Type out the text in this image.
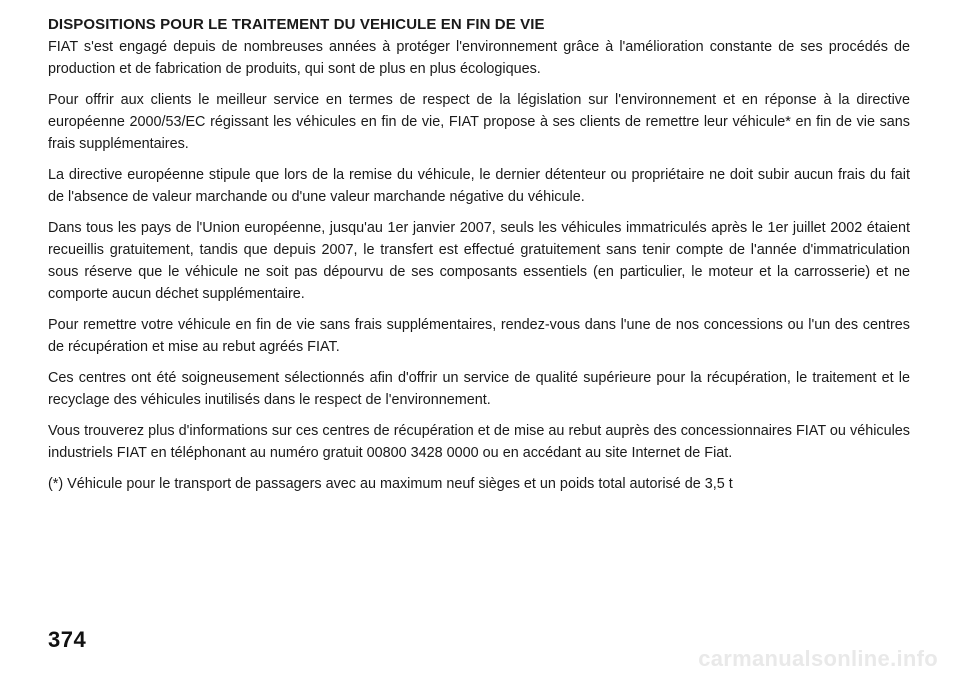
DISPOSITIONS POUR LE TRAITEMENT DU VEHICULE EN FIN DE VIE

FIAT s'est engagé depuis de nombreuses années à protéger l'environnement grâce à l'amélioration constante de ses procédés de production et de fabrication de produits, qui sont de plus en plus écologiques.

Pour offrir aux clients le meilleur service en termes de respect de la législation sur l'environnement et en réponse à la directive européenne 2000/53/EC régissant les véhicules en fin de vie, FIAT propose à ses clients de remettre leur véhicule* en fin de vie sans frais supplémentaires.

La directive européenne stipule que lors de la remise du véhicule, le dernier détenteur ou propriétaire ne doit subir aucun frais du fait de l'absence de valeur marchande ou d'une valeur marchande négative du véhicule.

Dans tous les pays de l'Union européenne, jusqu'au 1er janvier 2007, seuls les véhicules immatriculés après le 1er juillet 2002 étaient recueillis gratuitement, tandis que depuis 2007, le transfert est effectué gratuitement sans tenir compte de l'année d'immatriculation sous réserve que le véhicule ne soit pas dépourvu de ses composants essentiels (en particulier, le moteur et la carrosserie) et ne comporte aucun déchet supplémentaire.

Pour remettre votre véhicule en fin de vie sans frais supplémentaires, rendez-vous dans l'une de nos concessions ou l'un des centres de récupération et mise au rebut agréés FIAT.

Ces centres ont été soigneusement sélectionnés afin d'offrir un service de qualité supérieure pour la récupération, le traitement et le recyclage des véhicules inutilisés dans le respect de l'environnement.

Vous trouverez plus d'informations sur ces centres de récupération et de mise au rebut auprès des concessionnaires FIAT ou véhicules industriels FIAT en téléphonant au numéro gratuit 00800 3428 0000 ou en accédant au site Internet de Fiat.

(*) Véhicule pour le transport de passagers avec au maximum neuf sièges et un poids total autorisé de 3,5 t

374
carmanualsonline.info
